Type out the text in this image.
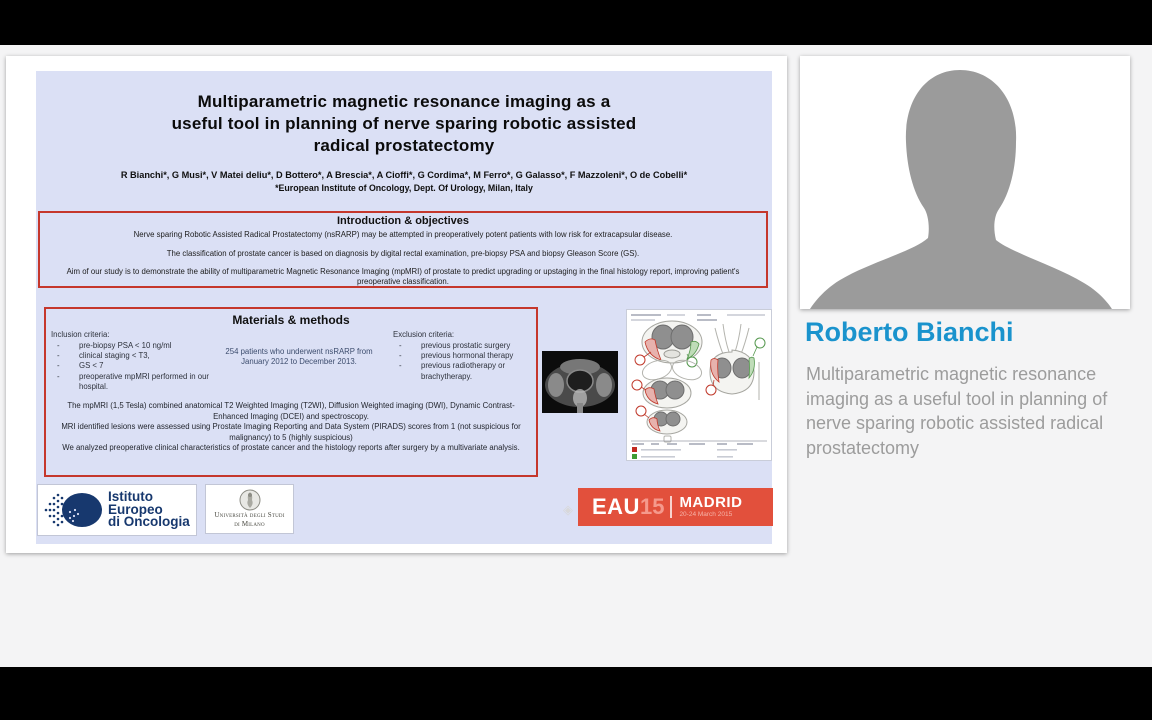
Multiparametric magnetic resonance imaging as a
useful tool in planning of nerve sparing robotic assisted
radical prostatectomy
R Bianchi*, G Musi*, V Matei deliu*, D Bottero*, A Brescia*, A Cioffi*, G Cordima*, M Ferro*, G Galasso*, F Mazzoleni*, O de Cobelli*
*European Institute of Oncology, Dept. Of Urology, Milan, Italy
Introduction & objectives
Nerve sparing Robotic Assisted Radical Prostatectomy (nsRARP) may be attempted in preoperatively potent patients with low risk for extracapsular disease.
The classification of prostate cancer is based on diagnosis by digital rectal examination, pre-biopsy PSA and biopsy Gleason Score (GS).
Aim of our study is to demonstrate the ability of multiparametric Magnetic Resonance Imaging (mpMRI) of prostate to predict upgrading or upstaging in the final histology report, improving patient's preoperative classification.
Materials & methods
Inclusion criteria:
- pre-biopsy PSA < 10 ng/ml
- clinical staging < T3,
- GS < 7
- preoperative mpMRI performed in our hospital.
254 patients who underwent nsRARP from January 2012 to December 2013.
Exclusion criteria:
- previous prostatic surgery
- previous hormonal therapy
- previous radiotherapy or brachytherapy.

The mpMRI (1,5 Tesla) combined anatomical T2 Weighted Imaging (T2WI), Diffusion Weighted imaging (DWI), Dynamic Contrast-Enhanced Imaging (DCEI) and spectroscopy.

MRI identified lesions were assessed using Prostate Imaging Reporting and Data System (PIRADS) scores from 1 (not suspicious for malignancy) to 5 (highly suspicious)

We analyzed preoperative clinical characteristics of prostate cancer and the histology reports after surgery by a multivariate analysis.

◈
Istituto
Europeo
di Oncologia	Università degli Studi
di Milano
EAU 15 MADRID
20-24 March 2015
Roberto Bianchi
Multiparametric magnetic resonance imaging as a useful tool in planning of nerve sparing robotic assisted radical prostatectomy
